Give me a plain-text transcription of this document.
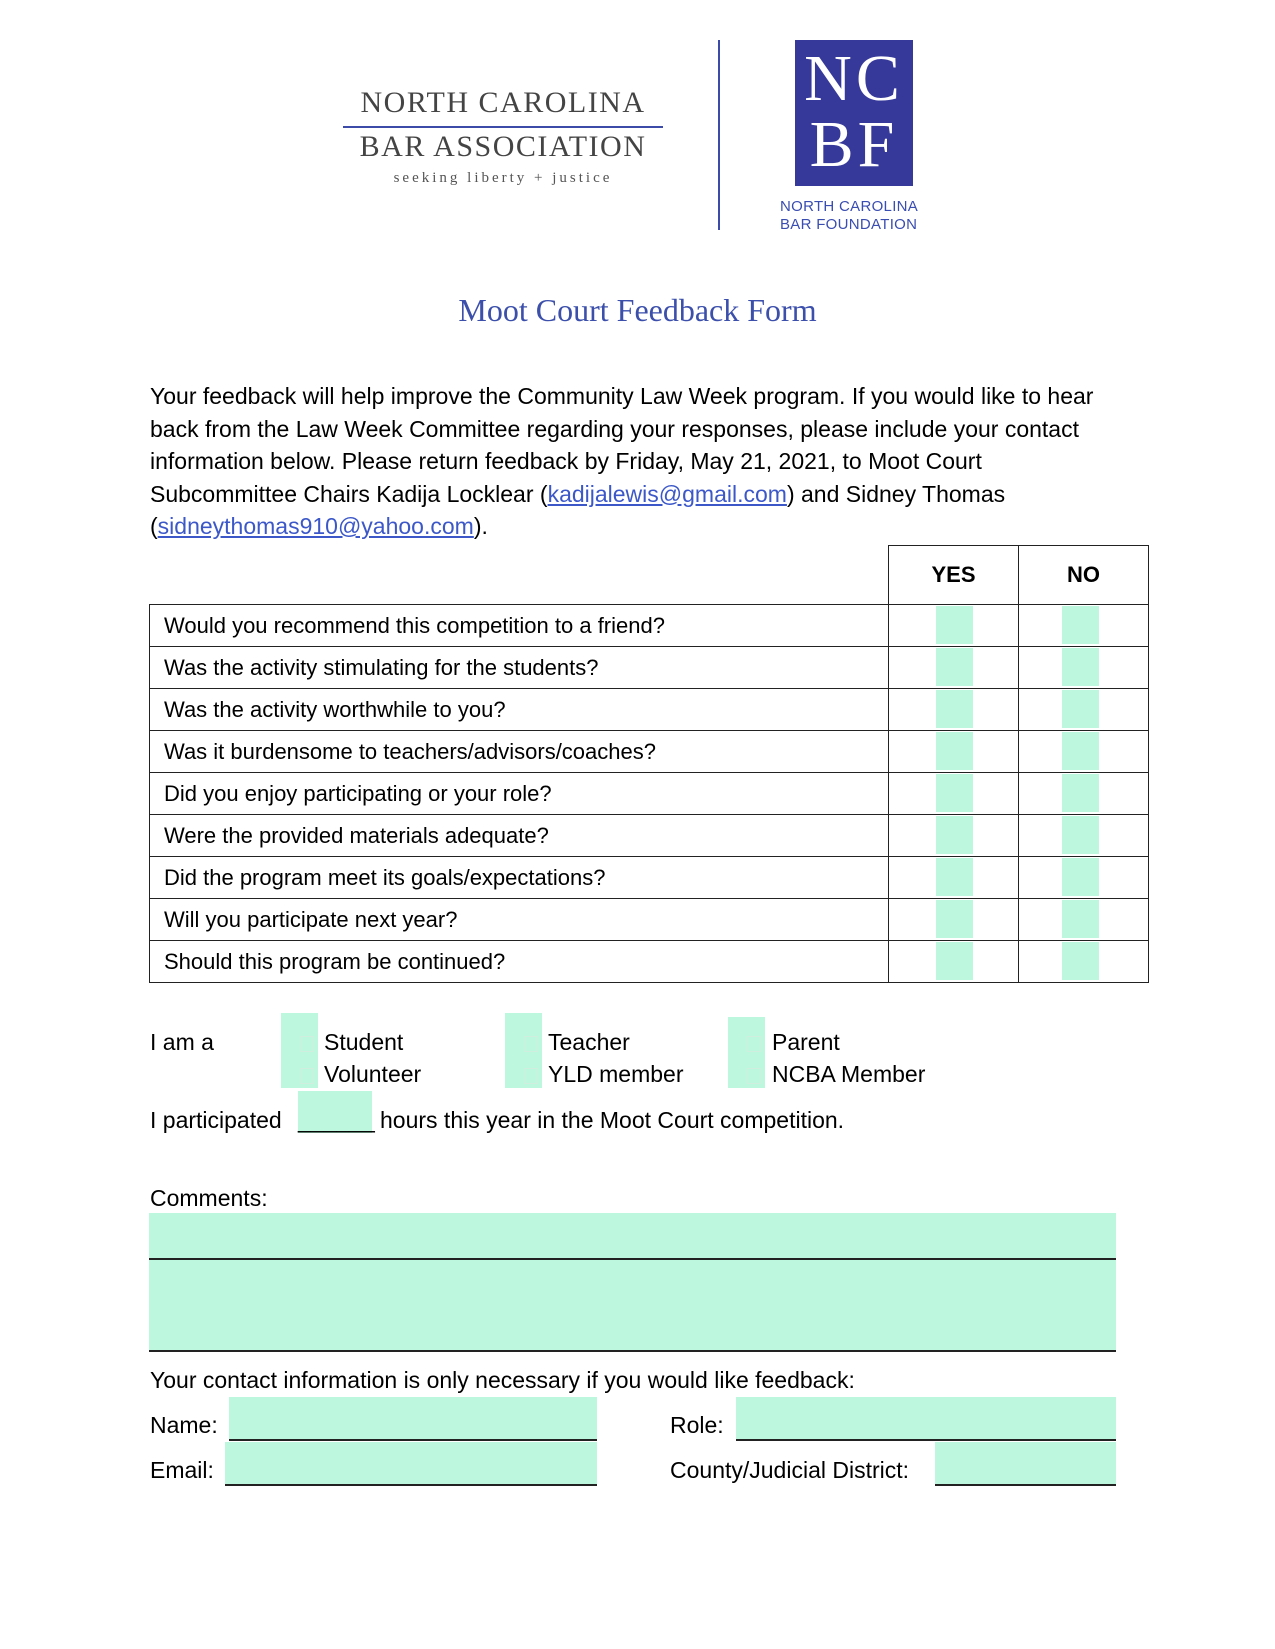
NORTH CAROLINA
BAR ASSOCIATION
seeking liberty + justice
NC
BF
NORTH CAROLINA
BAR FOUNDATION
Moot Court Feedback Form
Your feedback will help improve the Community Law Week program. If you would like to hear back from the Law Week Committee regarding your responses, please include your contact information below. Please return feedback by Friday, May 21, 2021, to Moot Court Subcommittee Chairs Kadija Locklear (kadijalewis@gmail.com) and Sidney Thomas (sidneythomas910@yahoo.com).
	YES	NO
Would you recommend this competition to a friend?	

Was the activity stimulating for the students?	

Was the activity worthwhile to you?	

Was it burdensome to teachers/advisors/coaches?	

Did you enjoy participating or your role?	

Were the provided materials adequate?	

Did the program meet its goals/expectations?	

Will you participate next year?	

Should this program be continued?	

I am a	Student
Volunteer
Teacher
YLD member
Parent
NCBA Member
I participated ______ hours this year in the Moot Court competition.
Comments:
Your contact information is only necessary if you would like feedback:
Name:
Email:
Role:
County/Judicial District:
